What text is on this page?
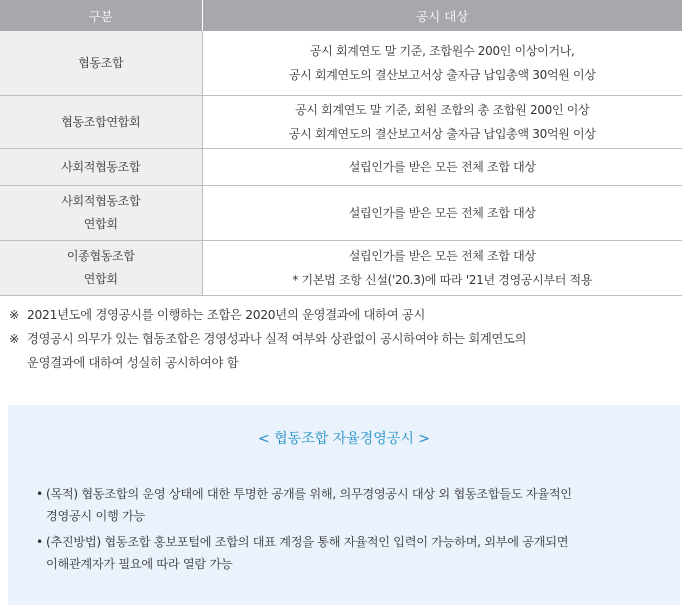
구분	공시 대상

협동조합	공시 회계연도 말 기준, 조합원수 200인 이상이거나,
공시 회계연도의 결산보고서상 출자금 납입총액 30억원 이상

협동조합연합회	공시 회계연도 말 기준, 회원 조합의 총 조합원 200인 이상
공시 회계연도의 결산보고서상 출자금 납입총액 30억원 이상

사회적협동조합	설립인가를 받은 모든 전체 조합 대상

사회적협동조합
연합회	설립인가를 받은 모든 전체 조합 대상

이종협동조합
연합회	설립인가를 받은 모든 전체 조합 대상
* 기본법 조항 신설('20.3)에 따라 '21년 경영공시부터 적용
※ 2021년도에 경영공시를 이행하는 조합은 2020년의 운영결과에 대하여 공시
※ 경영공시 의무가 있는 협동조합은 경영성과나 실적 여부와 상관없이 공시하여야 하는 회계연도의
운영결과에 대하여 성실히 공시하여야 함
< 협동조합 자율경영공시 >
• (목적) 협동조합의 운영 상태에 대한 투명한 공개를 위해, 의무경영공시 대상 외 협동조합들도 자율적인
경영공시 이행 가능
• (추진방법) 협동조합 홍보포털에 조합의 대표 계정을 통해 자율적인 입력이 가능하며, 외부에 공개되면
이해관계자가 필요에 따라 열람 가능
